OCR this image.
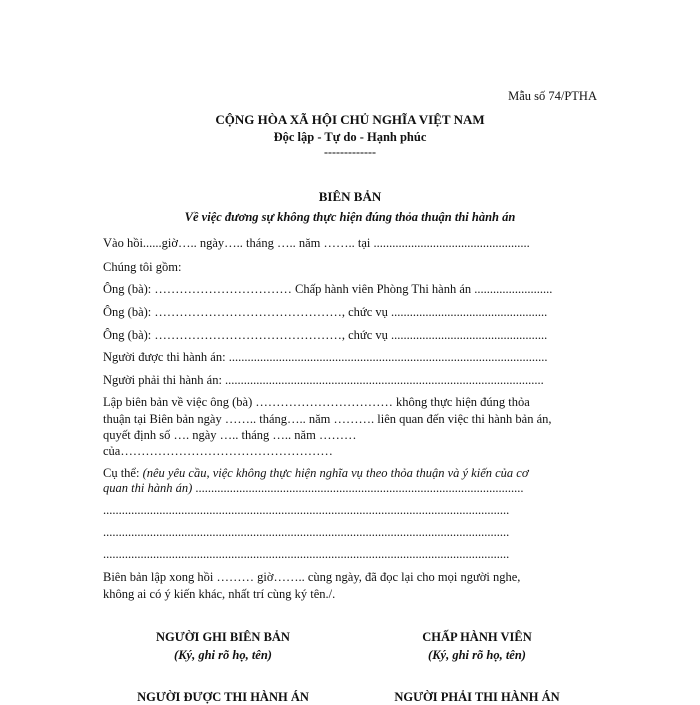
Mẫu số 74/PTHA
CỘNG HÒA XÃ HỘI CHỦ NGHĨA VIỆT NAM
Độc lập - Tự do - Hạnh phúc
-------------
BIÊN BẢN
Về việc đương sự không thực hiện đúng thỏa thuận thi hành án
Vào hồi......giờ….. ngày….. tháng ….. năm …….. tại ..................................................
Chúng tôi gồm:
Ông (bà): …………………………… Chấp hành viên Phòng Thi hành án .........................
Ông (bà): ………………………………………, chức vụ ..................................................
Ông (bà): ………………………………………, chức vụ ..................................................
Người được thi hành án: ......................................................................................................
Người phải thi hành án: ......................................................................................................
Lập biên bản về việc ông (bà) …………………………… không thực hiện đúng thỏa
thuận tại Biên bản ngày …….. tháng….. năm ………. liên quan đến việc thi hành bản án,
quyết định số …. ngày ….. tháng ….. năm ………
của……………………………………………
Cụ thể: (nêu yêu cầu, việc không thực hiện nghĩa vụ theo thỏa thuận và ý kiến của cơ
quan thi hành án) .........................................................................................................
..................................................................................................................................
..................................................................................................................................
..................................................................................................................................
Biên bản lập xong hồi ……… giờ…….. cùng ngày, đã đọc lại cho mọi người nghe,
không ai có ý kiến khác, nhất trí cùng ký tên./.
NGƯỜI GHI BIÊN BẢN
(Ký, ghi rõ họ, tên)
CHẤP HÀNH VIÊN
(Ký, ghi rõ họ, tên)
NGƯỜI ĐƯỢC THI HÀNH ÁN	NGƯỜI PHẢI THI HÀNH ÁN
